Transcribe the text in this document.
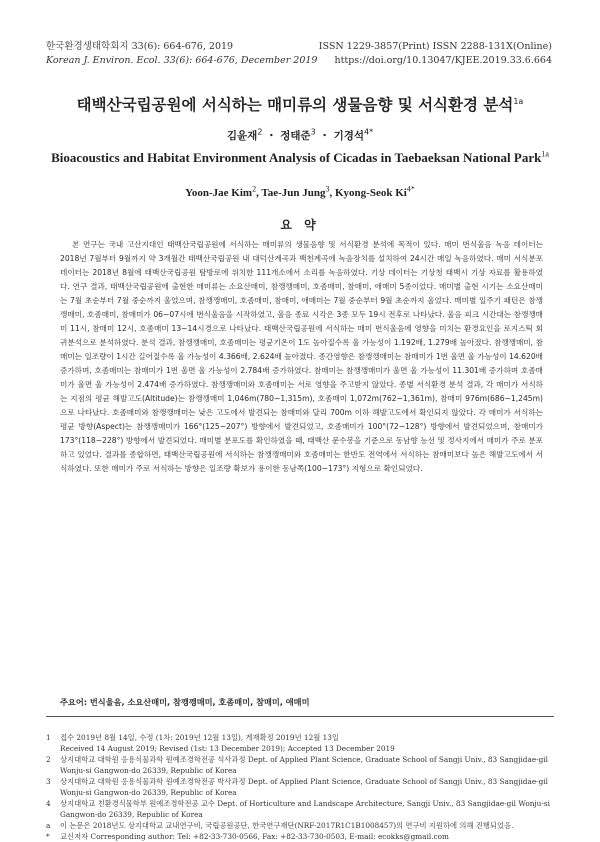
한국환경생태학회지 33(6): 664-676, 2019
Korean J. Environ. Ecol. 33(6): 664-676, December 2019
ISSN 1229-3857(Print) ISSN 2288-131X(Online)
https://doi.org/10.13047/KJEE.2019.33.6.664
태백산국립공원에 서식하는 매미류의 생물음향 및 서식환경 분석$^{1a}$
김윤재$^2$ ・ 정태준$^3$ ・ 기경석$^{4*}$
Bioacoustics and Habitat Environment Analysis of Cicadas in Taebaeksan National Park$^{1a}$
Yoon-Jae Kim$^2$, Tae-Jun Jung$^3$, Kyong-Seok $Ki^{4*}$
요 약

본 연구는 국내 고산지대인 태백산국립공원에 서식하는 매미류의 생물음향 및 서식환경 분석에 목적이 있다. 매미 번식울음 녹음 데이터는 2018년 7월부터 9월까지 약 3개월간 태백산국립공원 내 대덕산계곡과 백천계곡에 녹음장치를 설치하여 24시간 매일 녹음하였다. 매미 서식분포 데이터는 2018년 8월에 태백산국립공원 탐방로에 위치한 111개소에서 소리를 녹음하였다. 기상 데이터는 기상청 태백시 기상 자료를 활용하였다. 연구 결과, 태백산국립공원에 출현한 매미류는 소요산매미, 참깽깽매미, 호좀매미, 참매미, 애매미 5종이었다. 매미별 출현 시기는 소요산매미는 7월 초순부터 7월 중순까지 울었으며, 참깽깽매미, 호좀매미, 참매미, 애매미는 7월 중순부터 9월 초순까지 울었다. 매미별 일주기 패턴은 참깽깽매미, 호좀매미, 참매미가 06~07시에 번식울음을 시작하였고, 울음 종료 시각은 3종 모두 19시 전후로 나타났다. 울음 피크 시간대는 참깽깽매미 11시, 참매미 12시, 호좀매미 13~14시경으로 나타났다. 태백산국립공원에 서식하는 매미 번식울음에 영향을 미치는 환경요인을 로지스틱 회귀분석으로 분석하였다. 분석 결과, 참깽깽매미, 호좀매미는 평균기온이 1도 높아질수록 울 가능성이 1.192배, 1.279배 높아졌다. 참깽깽매미, 참매미는 일조량이 1시간 길어질수록 울 가능성이 4.366배, 2.624배 높아졌다. 종간영향은 참깽깽매미는 참매미가 1번 울면 울 가능성이 14.620배 증가하며, 호좀매미는 참매미가 1번 울면 울 가능성이 2.784배 증가하였다. 참매미는 참깽깽매미가 울면 울 가능성이 11.301배 증가하며 호좀매미가 울면 울 가능성이 2.474배 증가하였다. 참깽깽매미와 호좀매미는 서로 영향을 주고받지 않았다. 종별 서식환경 분석 결과, 각 매미가 서식하는 지점의 평균 해발고도(Altitude)는 참깽깽매미 1,046m(780~1,315m), 호좀매미 1,072m(762~1,361m), 참매미 976m(686~1,245m)으로 나타났다. 호좀매미와 참깽깽매미는 낮은 고도에서 발견되는 참매미와 달리 700m 이하 해발고도에서 확인되지 않았다. 각 매미가 서식하는 평균 방향(Aspect)는 참깽깽매미가 166°(125~207°) 방향에서 발견되었고, 호좀매미가 100°(72~128°) 방향에서 발견되었으며, 참매미가 173°(118~228°) 방향에서 발견되었다. 매미별 분포도를 확인하였을 때, 태백산 문수봉을 기준으로 동남향 능선 및 정사지에서 매미가 주로 분포하고 있었다. 결과를 종합하면, 태백산국립공원에 서식하는 참깽깽매미와 호좀매미는 한반도 전역에서 서식하는 참매미보다 높은 해발고도에서 서식하였다. 또한 매미가 주로 서식하는 방향은 일조량 확보가 용이한 동남쪽(100~173°) 지형으로 확인되었다.

주요어: 번식울음, 소요산매미, 참깽깽매미, 호좀매미, 참매미, 애매미
1	접수 2019년 8월 14일, 수정 (1차: 2019년 12월 13일), 게재확정 2019년 12월 13일
Received 14 August 2019; Revised (1st: 13 December 2019); Accepted 13 December 2019
2	상지대학교 대학원 응용식물과학 원예조경학전공 석사과정 Dept. of Applied Plant Science, Graduate School of Sangji Univ., 83 Sangjidae-gil Wonju-si Gangwon-do 26339, Republic of Korea
3	상지대학교 대학원 응용식물과학 원예조경학전공 박사과정 Dept. of Applied Plant Science, Graduate School of Sangji Univ., 83 Sangjidae-gil Wonju-si Gangwon-do 26339, Republic of Korea
4	상지대학교 친환경식물학부 원예조경학전공 교수 Dept. of Horticulture and Landscape Architecture, Sangji Univ., 83 Sangjidae-gil Wonju-si Gangwon-do 26339, Republic of Korea
a	이 논문은 2018년도 상지대학교 교내연구비, 국립공원공단, 한국연구재단(NRF-2017R1C1B1008457)의 연구비 지원하에 의해 진행되었음.
*	교신저자 Corresponding author: Tel: +82-33-730-0566, Fax: +82-33-730-0503, E-mail: ecokks@gmail.com
